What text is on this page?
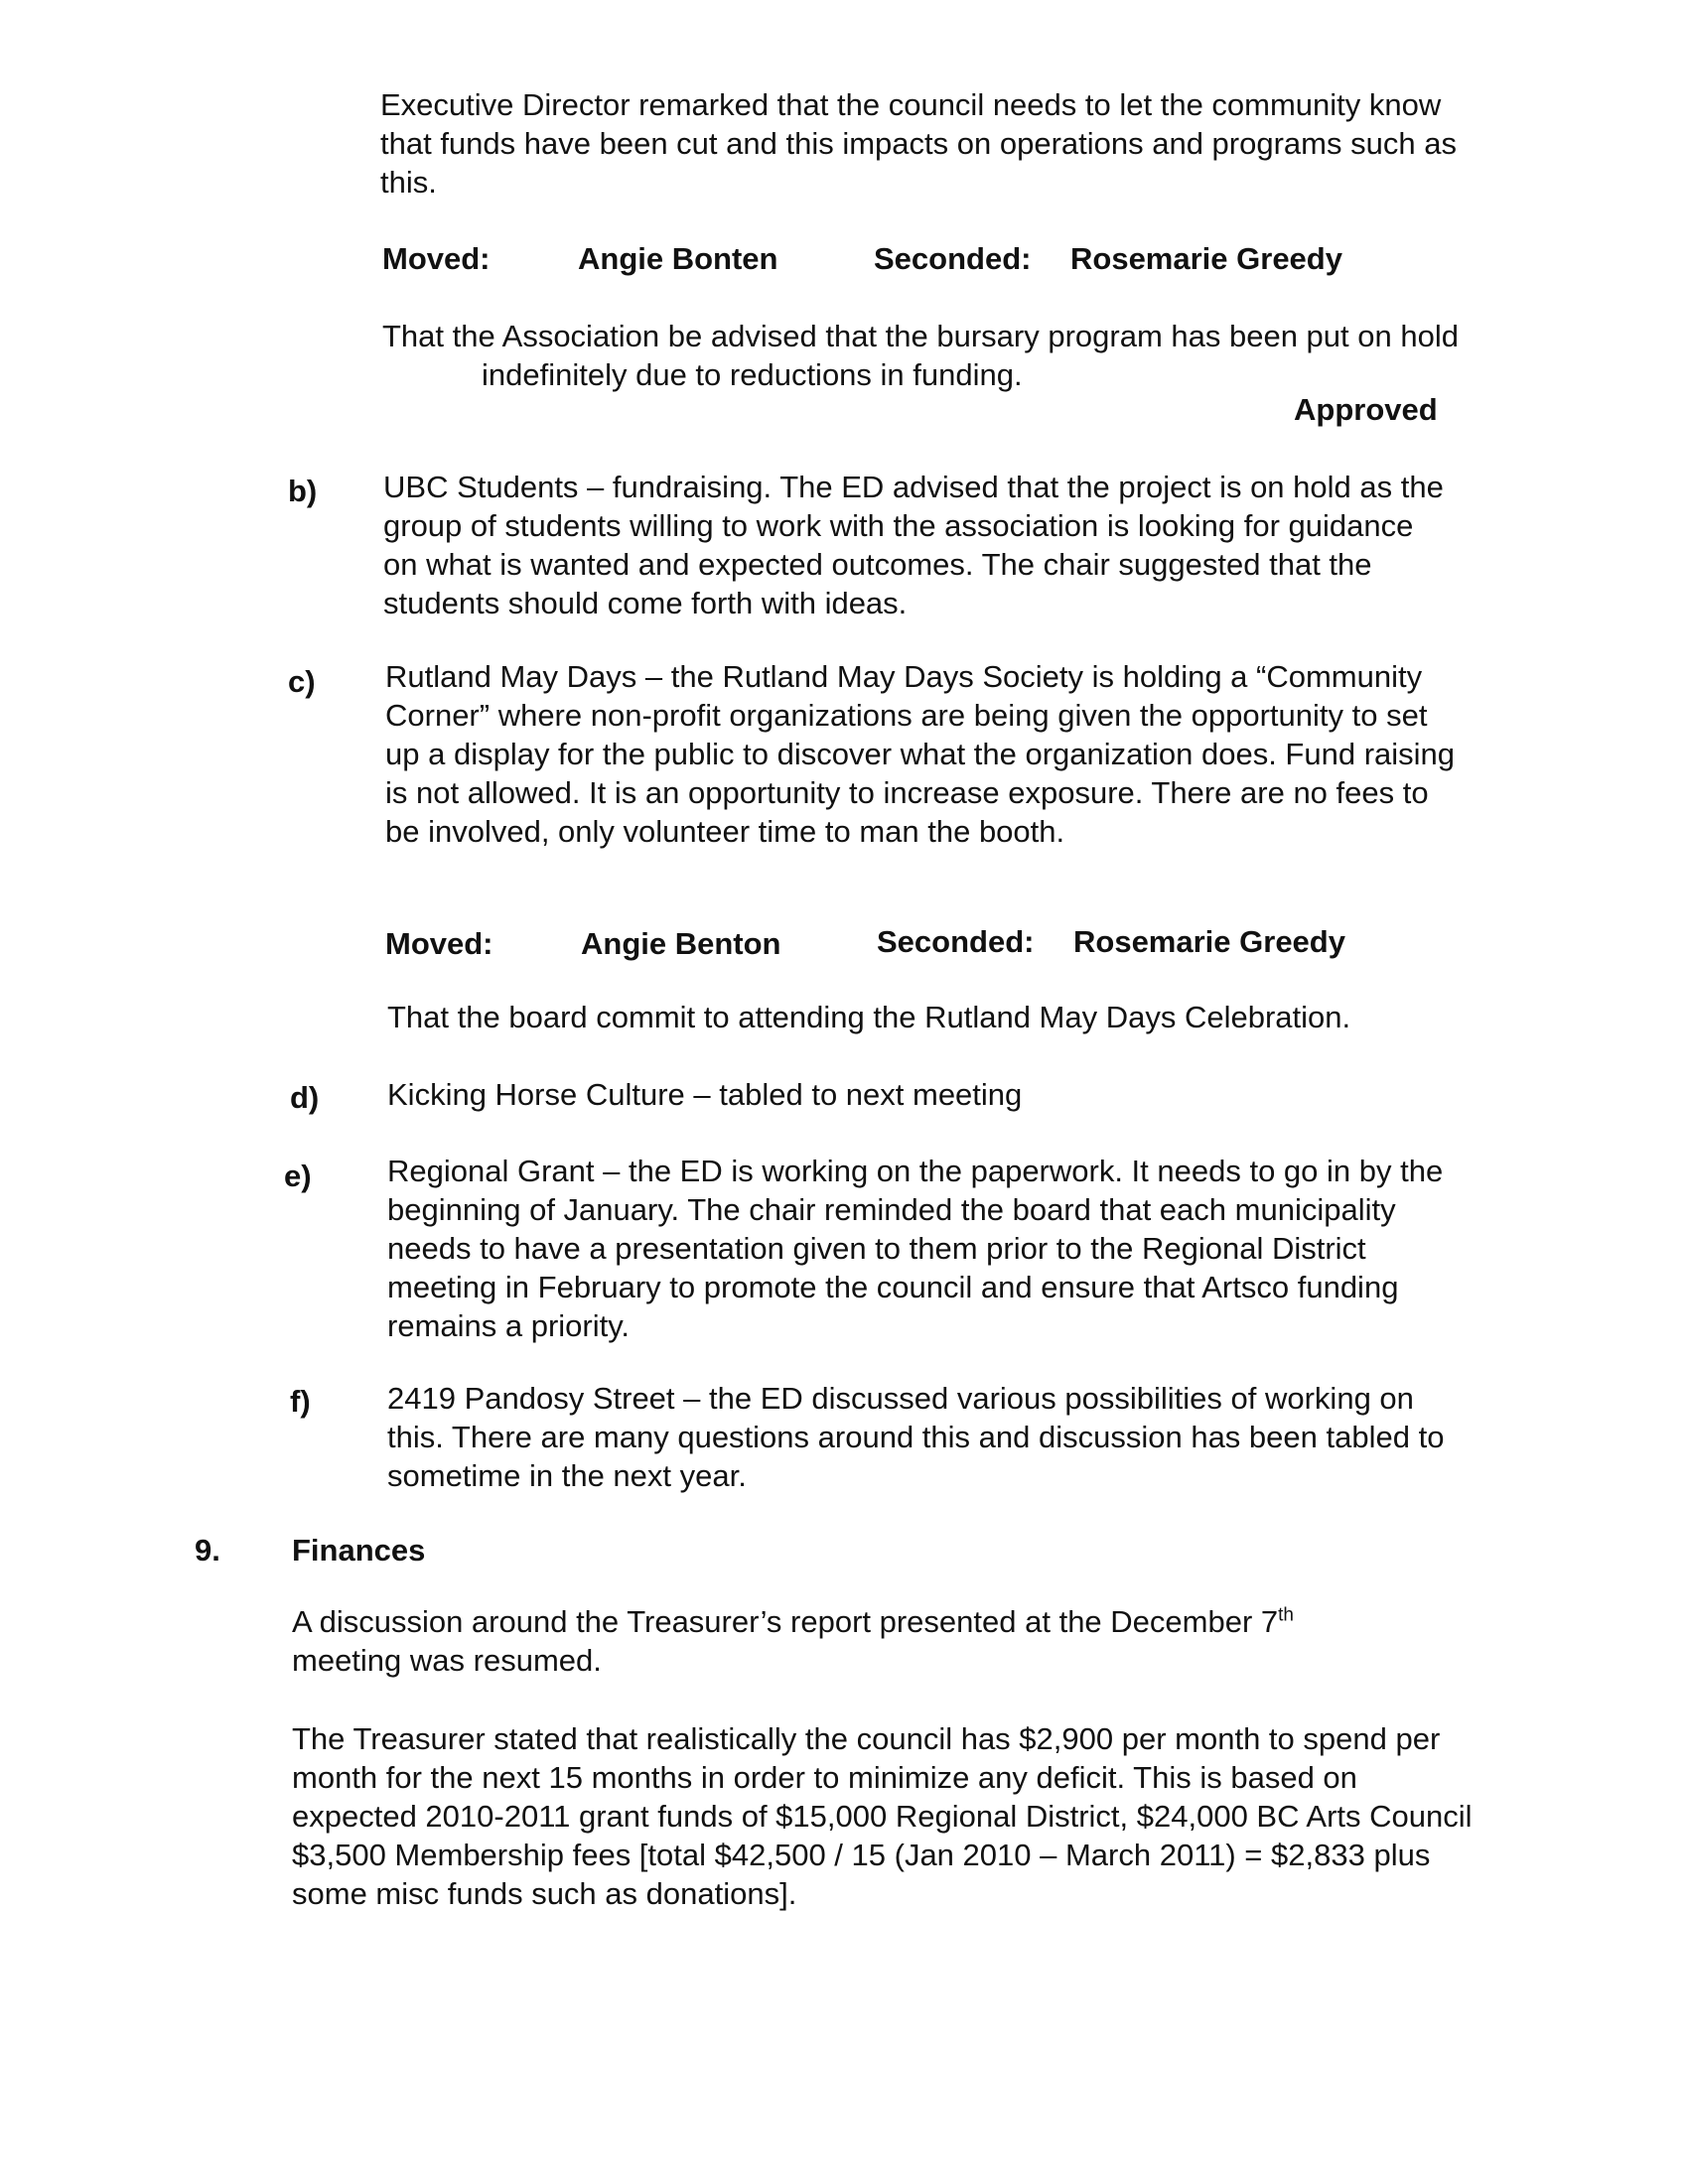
Executive Director remarked that the council needs to let the community know that funds have been cut and this impacts on operations and programs such as this.

Moved:	Angie Bonten	Seconded: Rosemarie Greedy

That the Association be advised that the bursary program has been put on hold indefinitely due to reductions in funding.

Approved
b) UBC Students – fundraising. The ED advised that the project is on hold as the group of students willing to work with the association is looking for guidance on what is wanted and expected outcomes. The chair suggested that the students should come forth with ideas.

c) Rutland May Days – the Rutland May Days Society is holding a “Community Corner” where non-profit organizations are being given the opportunity to set up a display for the public to discover what the organization does. Fund raising is not allowed. It is an opportunity to increase exposure. There are no fees to be involved, only volunteer time to man the booth.

Moved:	Angie Benton	Seconded: Rosemarie Greedy

That the board commit to attending the Rutland May Days Celebration.

d) Kicking Horse Culture – tabled to next meeting

e) Regional Grant – the ED is working on the paperwork. It needs to go in by the beginning of January. The chair reminded the board that each municipality needs to have a presentation given to them prior to the Regional District meeting in February to promote the council and ensure that Artsco funding remains a priority.

f) 2419 Pandosy Street – the ED discussed various possibilities of working on this. There are many questions around this and discussion has been tabled to sometime in the next year.

9. Finances

A discussion around the Treasurer’s report presented at the December 7th meeting was resumed.

The Treasurer stated that realistically the council has $2,900 per month to spend per month for the next 15 months in order to minimize any deficit. This is based on expected 2010-2011 grant funds of $15,000 Regional District, $24,000 BC Arts Council $3,500 Membership fees [total $42,500 / 15 (Jan 2010 – March 2011) = $2,833 plus some misc funds such as donations].
